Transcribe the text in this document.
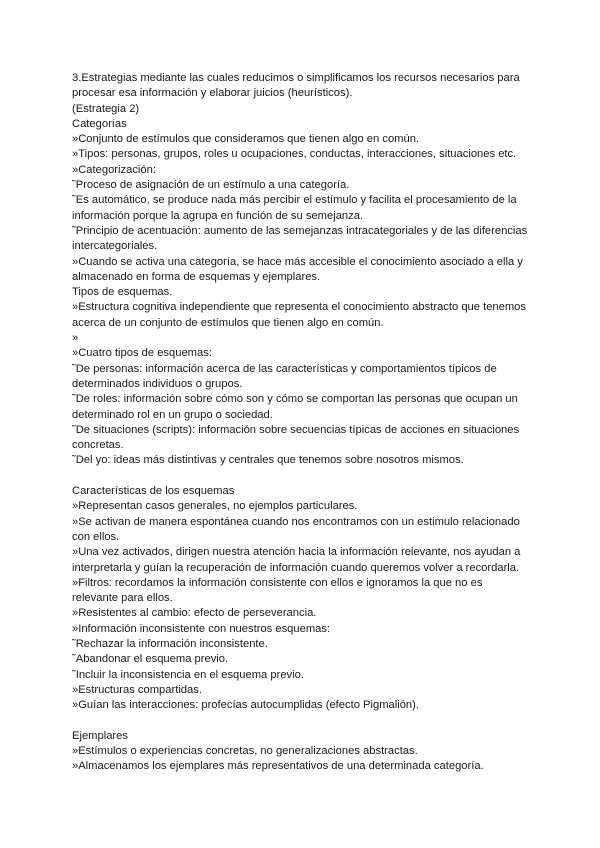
3.Estrategias mediante las cuales reducimos o simplificamos los recursos necesarios para
procesar esa información y elaborar juicios (heurísticos).
(Estrategia 2)
Categorías
»Conjunto de estímulos que consideramos que tienen algo en común.
»Tipos: personas, grupos, roles u ocupaciones, conductas, interacciones, situaciones etc.
»Categorización:
˜Proceso de asignación de un estímulo a una categoría.
˜Es automático, se produce nada más percibir el estímulo y facilita el procesamiento de la
información porque la agrupa en función de su semejanza.
˜Principio de acentuación: aumento de las semejanzas intracategoriales y de las diferencias
intercategoriales.
»Cuando se activa una categoría, se hace más accesible el conocimiento asociado a ella y
almacenado en forma de esquemas y ejemplares.
Tipos de esquemas.
»Estructura cognitiva independiente que representa el conocimiento abstracto que tenemos
acerca de un conjunto de estímulos que tienen algo en común.
»
»Cuatro tipos de esquemas:
˜De personas: información acerca de las características y comportamientos típicos de
determinados individuos o grupos.
˜De roles: información sobre cómo son y cómo se comportan las personas que ocupan un
determinado rol en un grupo o sociedad.
˜De situaciones (scripts): información sobre secuencias típicas de acciones en situaciones
concretas.
˜Del yo: ideas más distintivas y centrales que tenemos sobre nosotros mismos.
Características de los esquemas
»Representan casos generales, no ejemplos particulares.
»Se activan de manera espontánea cuando nos encontramos con un estimulo relacionado
con ellos.
»Una vez activados, dirigen nuestra atención hacia la información relevante, nos ayudan a
interpretarla y guían la recuperación de información cuando queremos volver a recordarla.
»Filtros: recordamos la información consistente con ellos e ignoramos la que no es
relevante para ellos.
»Resistentes al cambio: efecto de perseverancia.
»Información inconsistente con nuestros esquemas:
˜Rechazar la información inconsistente.
˜Abandonar el esquema previo.
˜Incluir la inconsistencia en el esquema previo.
»Estructuras compartidas.
»Guían las interacciones: profecías autocumplidas (efecto Pigmalión).
Ejemplares
»Estímulos o experiencias concretas, no generalizaciones abstractas.
»Almacenamos los ejemplares más representativos de una determinada categoría.
